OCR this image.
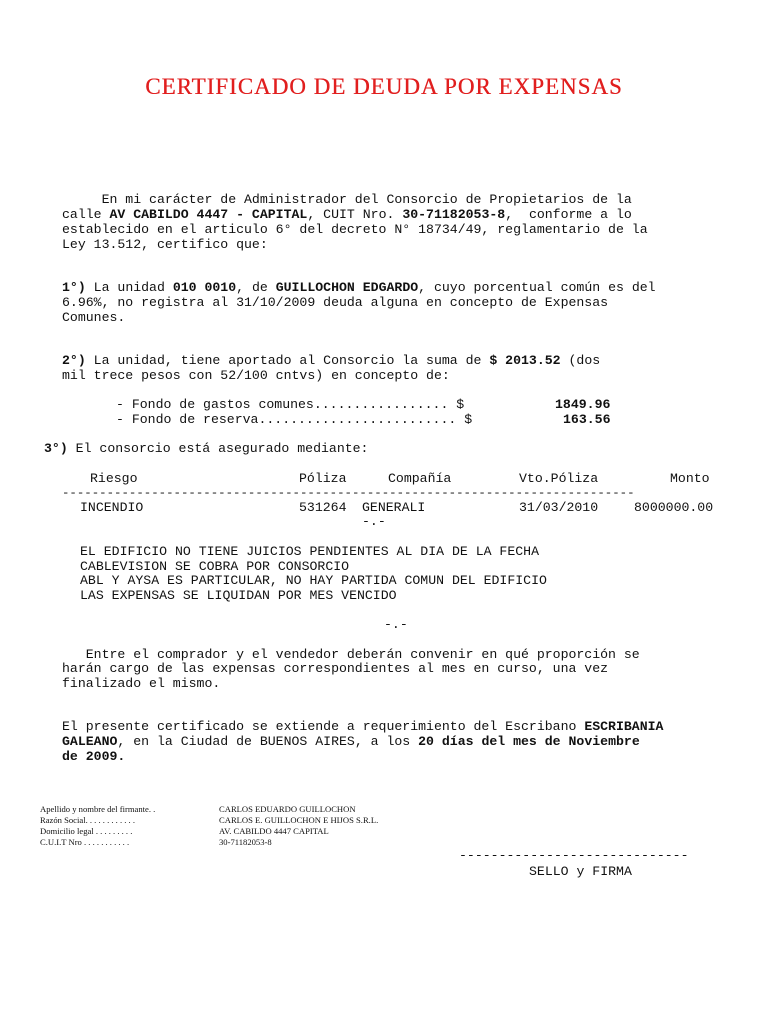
CERTIFICADO DE DEUDA POR EXPENSAS
En mi carácter de Administrador del Consorcio de Propietarios de la
calle AV CABILDO 4447 - CAPITAL, CUIT Nro. 30-71182053-8,  conforme a lo
establecido en el articulo 6° del decreto N° 18734/49, reglamentario de la
Ley 13.512, certifico que:
1°) La unidad 010 0010, de GUILLOCHON EDGARDO, cuyo porcentual común es del
6.96%, no registra al 31/10/2009 deuda alguna en concepto de Expensas
Comunes.
2°) La unidad, tiene aportado al Consorcio la suma de $ 2013.52 (dos
mil trece pesos con 52/100 cntvs) en concepto de:
- Fondo de gastos comunes................. $	1849.96
- Fondo de reserva......................... $	163.56
3°) El consorcio está asegurado mediante:
Riesgo	Póliza	Compañía	Vto.Póliza	Monto
-----------------------------------------------------------------------------
INCENDIO	531264 GENERALI	31/03/2010	8000000.00
-.-
EL EDIFICIO NO TIENE JUICIOS PENDIENTES AL DIA DE LA FECHA
CABLEVISION SE COBRA POR CONSORCIO
ABL Y AYSA ES PARTICULAR, NO HAY PARTIDA COMUN DEL EDIFICIO
LAS EXPENSAS SE LIQUIDAN POR MES VENCIDO
-.-
Entre el comprador y el vendedor deberán convenir en qué proporción se
harán cargo de las expensas correspondientes al mes en curso, una vez
finalizado el mismo.
El presente certificado se extiende a requerimiento del Escribano ESCRIBANIA
GALEANO, en la Ciudad de BUENOS AIRES, a los 20 días del mes de Noviembre
de 2009.
Apellido y nombre del firmante. .	CARLOS EDUARDO GUILLOCHON
Razón Social. . . . . . . . . . . .	CARLOS E. GUILLOCHON E HIJOS S.R.L.
Domicilio legal . . . . . . . . .	AV. CABILDO 4447 CAPITAL
C.U.I.T Nro . . . . . . . . . . .	30-71182053-8
-----------------------------
SELLO y FIRMA
